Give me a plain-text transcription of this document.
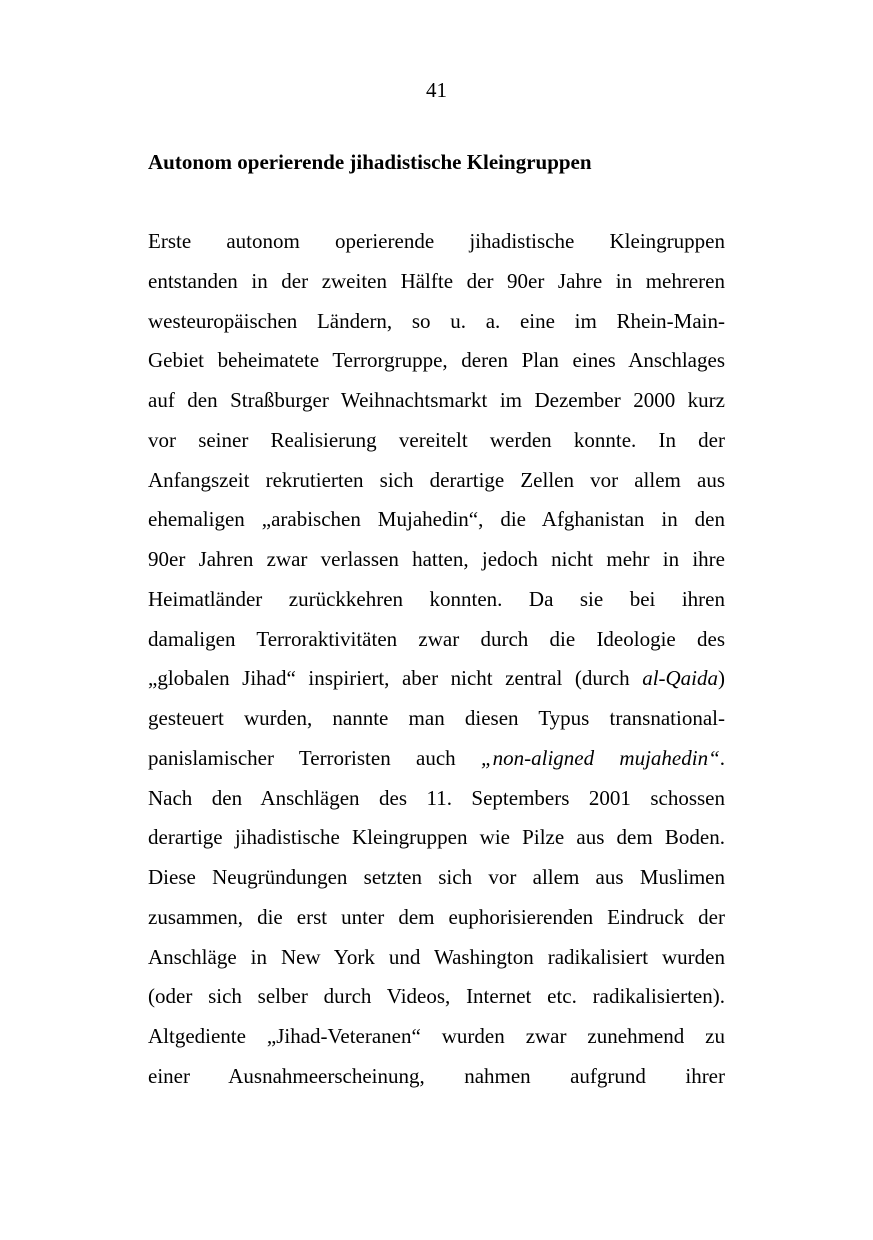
41
Autonom operierende jihadistische Kleingruppen
Erste autonom operierende jihadistische Kleingruppen
entstanden in der zweiten Hälfte der 90er Jahre in mehreren
westeuropäischen Ländern, so u. a. eine im Rhein-Main-
Gebiet beheimatete Terrorgruppe, deren Plan eines Anschlages
auf den Straßburger Weihnachtsmarkt im Dezember 2000 kurz
vor seiner Realisierung vereitelt werden konnte. In der
Anfangszeit rekrutierten sich derartige Zellen vor allem aus
ehemaligen „arabischen Mujahedin“, die Afghanistan in den
90er Jahren zwar verlassen hatten, jedoch nicht mehr in ihre
Heimatländer zurückkehren konnten. Da sie bei ihren
damaligen Terroraktivitäten zwar durch die Ideologie des
„globalen Jihad“ inspiriert, aber nicht zentral (durch al-Qaida)
gesteuert wurden, nannte man diesen Typus transnational-
panislamischer Terroristen auch „non-aligned mujahedin“.
Nach den Anschlägen des 11. Septembers 2001 schossen
derartige jihadistische Kleingruppen wie Pilze aus dem Boden.
Diese Neugründungen setzten sich vor allem aus Muslimen
zusammen, die erst unter dem euphorisierenden Eindruck der
Anschläge in New York und Washington radikalisiert wurden
(oder sich selber durch Videos, Internet etc. radikalisierten).
Altgediente „Jihad-Veteranen“ wurden zwar zunehmend zu
einer Ausnahmeerscheinung, nahmen aufgrund ihrer
